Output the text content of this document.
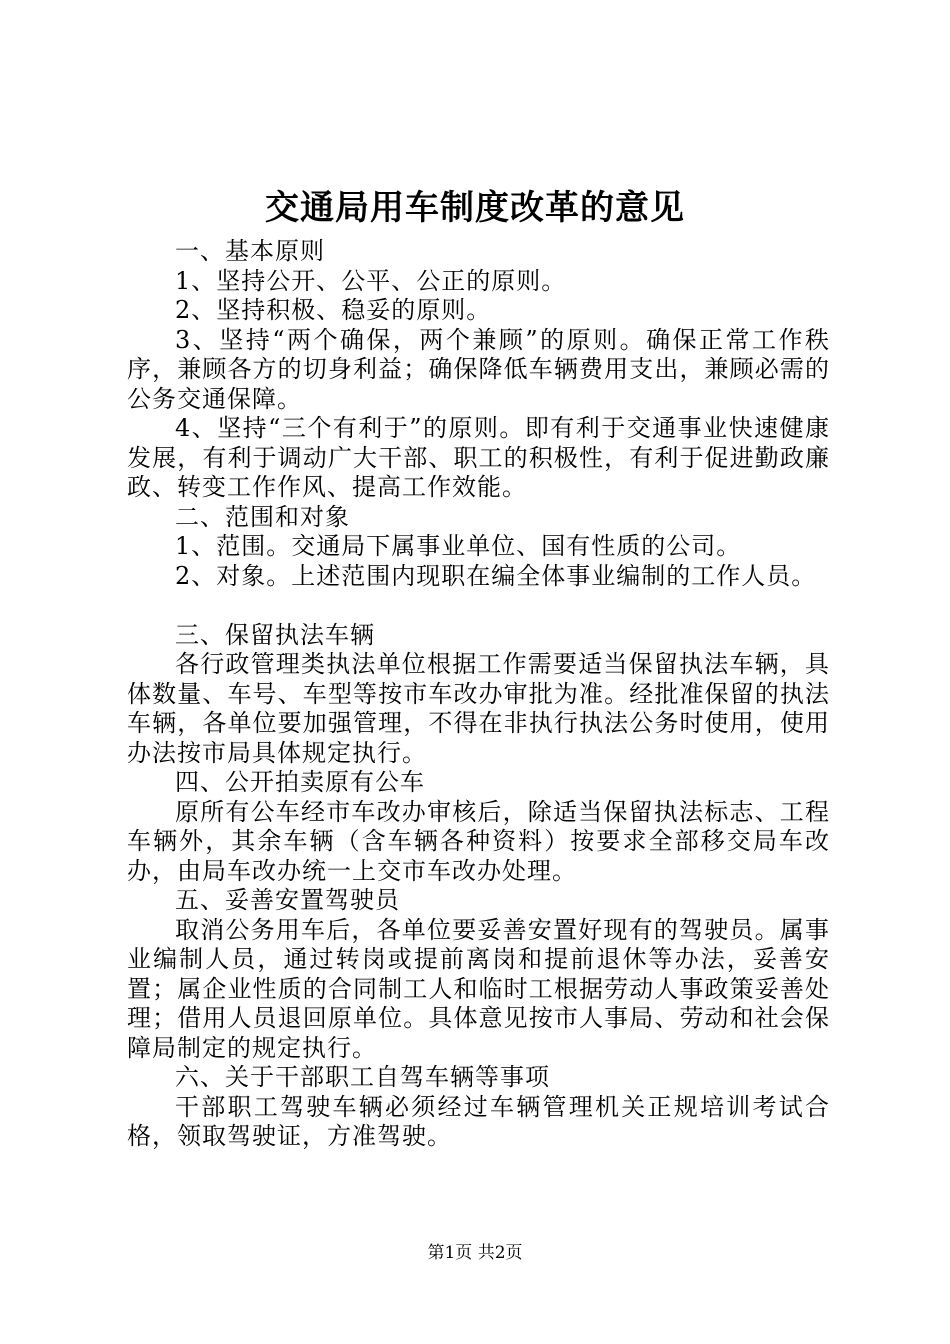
交通局用车制度改革的意见

一、基本原则

1、坚持公开、公平、公正的原则。

2、坚持积极、稳妥的原则。

3、坚持“两个确保，两个兼顾”的原则。确保正常工作秩序，兼顾各方的切身利益；确保降低车辆费用支出，兼顾必需的公务交通保障。

4、坚持“三个有利于”的原则。即有利于交通事业快速健康发展，有利于调动广大干部、职工的积极性，有利于促进勤政廉政、转变工作作风、提高工作效能。

二、范围和对象

1、范围。交通局下属事业单位、国有性质的公司。

2、对象。上述范围内现职在编全体事业编制的工作人员。

三、保留执法车辆

各行政管理类执法单位根据工作需要适当保留执法车辆，具体数量、车号、车型等按市车改办审批为准。经批准保留的执法车辆，各单位要加强管理，不得在非执行执法公务时使用，使用办法按市局具体规定执行。

四、公开拍卖原有公车

原所有公车经市车改办审核后，除适当保留执法标志、工程车辆外，其余车辆（含车辆各种资料）按要求全部移交局车改办，由局车改办统一上交市车改办处理。

五、妥善安置驾驶员

取消公务用车后，各单位要妥善安置好现有的驾驶员。属事业编制人员，通过转岗或提前离岗和提前退休等办法，妥善安置；属企业性质的合同制工人和临时工根据劳动人事政策妥善处理；借用人员退回原单位。具体意见按市人事局、劳动和社会保障局制定的规定执行。

六、关于干部职工自驾车辆等事项

干部职工驾驶车辆必须经过车辆管理机关正规培训考试合格，领取驾驶证，方准驾驶。

第1页 共2页
